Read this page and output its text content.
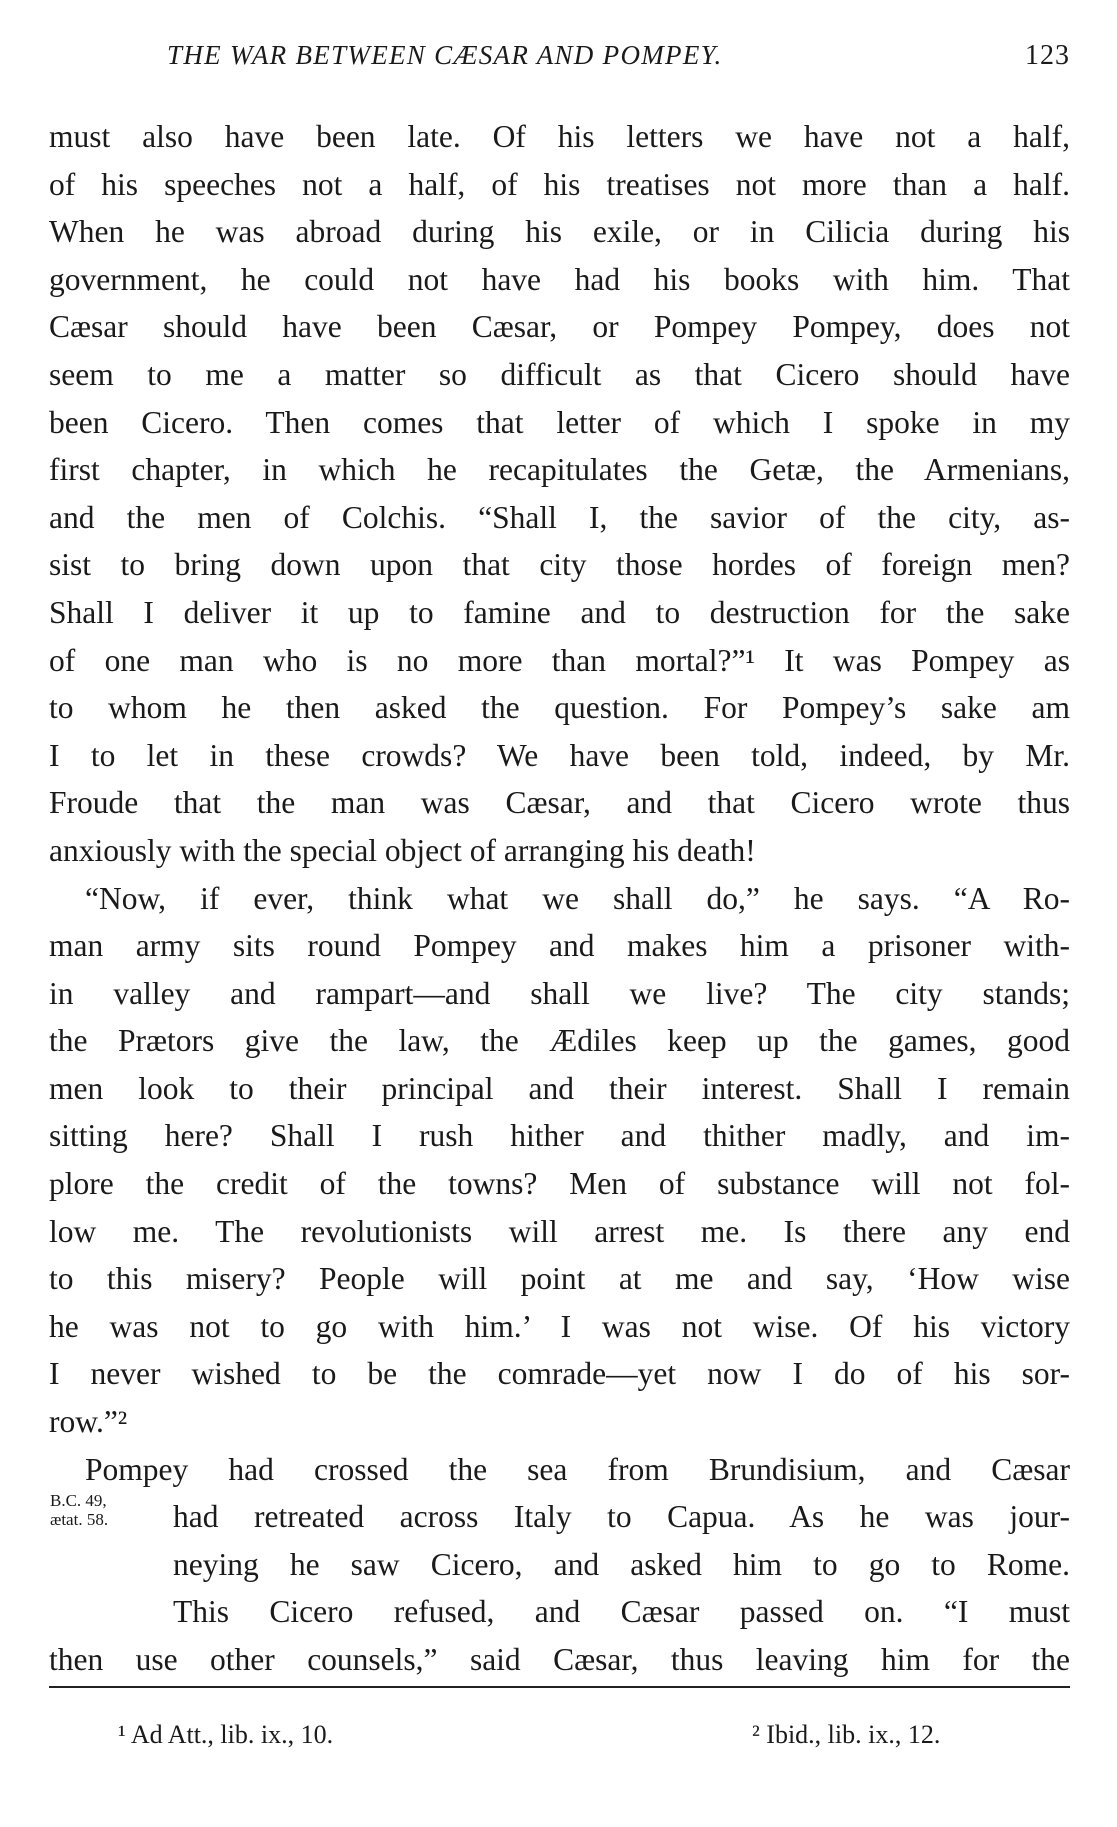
THE WAR BETWEEN CÆSAR AND POMPEY.	123
must also have been late. Of his letters we have not a half,
of his speeches not a half, of his treatises not more than a half.
When he was abroad during his exile, or in Cilicia during his
government, he could not have had his books with him. That
Cæsar should have been Cæsar, or Pompey Pompey, does not
seem to me a matter so difficult as that Cicero should have
been Cicero. Then comes that letter of which I spoke in my
first chapter, in which he recapitulates the Getæ, the Armenians,
and the men of Colchis. “Shall I, the savior of the city, as-
sist to bring down upon that city those hordes of foreign men?
Shall I deliver it up to famine and to destruction for the sake
of one man who is no more than mortal?”¹ It was Pompey as
to whom he then asked the question. For Pompey’s sake am
I to let in these crowds? We have been told, indeed, by Mr.
Froude that the man was Cæsar, and that Cicero wrote thus
anxiously with the special object of arranging his death!
“Now, if ever, think what we shall do,” he says. “A Ro-
man army sits round Pompey and makes him a prisoner with-
in valley and rampart—and shall we live? The city stands;
the Prætors give the law, the Ædiles keep up the games, good
men look to their principal and their interest. Shall I remain
sitting here? Shall I rush hither and thither madly, and im-
plore the credit of the towns? Men of substance will not fol-
low me. The revolutionists will arrest me. Is there any end
to this misery? People will point at me and say, ‘How wise
he was not to go with him.’ I was not wise. Of his victory
I never wished to be the comrade—yet now I do of his sor-
row.”²
Pompey had crossed the sea from Brundisium, and Cæsar
had retreated across Italy to Capua. As he was jour-
neying he saw Cicero, and asked him to go to Rome.
This Cicero refused, and Cæsar passed on. “I must
then use other counsels,” said Cæsar, thus leaving him for the
B.C. 49,
ætat. 58.
¹ Ad Att., lib. ix., 10.	² Ibid., lib. ix., 12.
